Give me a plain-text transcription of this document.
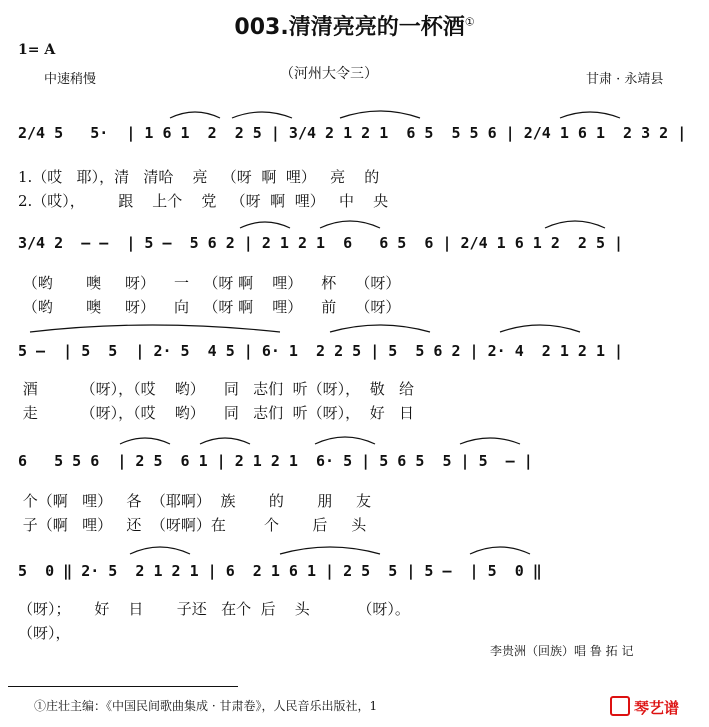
003.清清亮亮的一杯酒①
1= A
中速稍慢	（河州大令三）	甘肃 · 永靖县
2/4 5   5·  | 1 6 1  2  2 5 | 3/4 2 1 2 1  6 5  5 5 6 | 2/4 1 6 1  2 3 2 |
1.（哎   耶），清   清哈    亮   （呀  啊  哩）   亮    的
2.（哎），       跟    上个    党   （呀  啊  哩）   中    央
3/4 2  — —  | 5 —  5 6 2 | 2 1 2 1  6   6 5  6 | 2/4 1 6 1 2  2 5 |
（哟       噢     呀）    一   （呀 啊    哩）    杯    （呀）
（哟       噢     呀）    向   （呀 啊    哩）    前    （呀）
5 —  | 5  5  | 2· 5  4 5 | 6· 1  2 2 5 | 5  5 6 2 | 2· 4  2 1 2 1 |
酒         （呀），（哎    哟）    同   志们  听（呀），  敬   给
走         （呀），（哎    哟）    同   志们  听（呀），  好   日
6   5 5 6  | 2 5  6 1 | 2 1 2 1  6· 5 | 5 6 5  5 | 5  — |
个（啊   哩）   各  （耶啊）  族       的       朋     友
子（啊   哩）   还  （呀啊）在        个       后     头
5  0 ‖ 2· 5  2 1 2 1 | 6  2 1 6 1 | 2 5  5 | 5 —  | 5  0 ‖
（呀）；     好    日       子还   在个  后    头          （呀）。
（呀），
李贵洲（回族）唱 鲁 拓 记
①庄壮主编：《中国民间歌曲集成 · 甘肃卷》，人民音乐出版社，1	琴艺谱
